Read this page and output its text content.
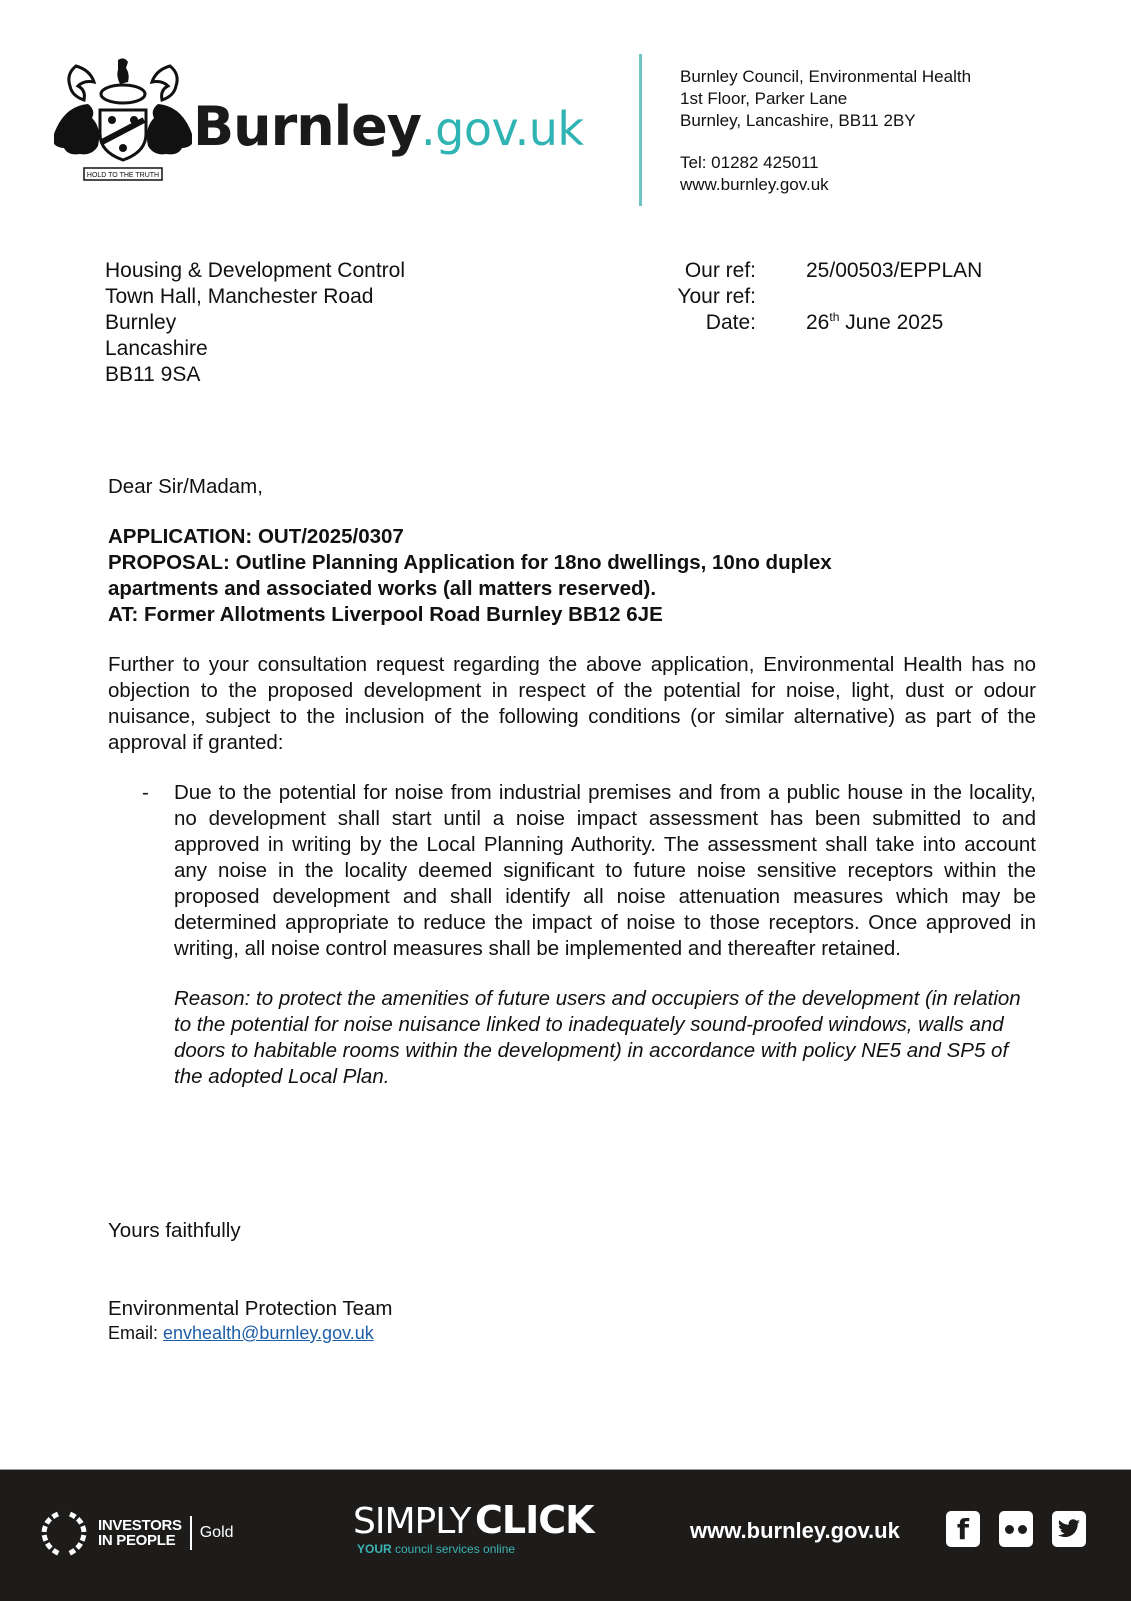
HOLD TO THE TRUTH
Burnley.gov.uk
Burnley Council, Environmental Health
1st Floor, Parker Lane
Burnley, Lancashire, BB11 2BY
Tel: 01282 425011
www.burnley.gov.uk
Housing & Development Control
Town Hall, Manchester Road
Burnley
Lancashire
BB11 9SA
Our ref: 25/00503/EPPLAN
Your ref:
Date: 26th June 2025

Dear Sir/Madam,

APPLICATION: OUT/2025/0307
PROPOSAL: Outline Planning Application for 18no dwellings, 10no duplex apartments and associated works (all matters reserved).
AT: Former Allotments Liverpool Road Burnley BB12 6JE

Further to your consultation request regarding the above application, Environmental Health has no objection to the proposed development in respect of the potential for noise, light, dust or odour nuisance, subject to the inclusion of the following conditions (or similar alternative) as part of the approval if granted:

-	Due to the potential for noise from industrial premises and from a public house in the locality, no development shall start until a noise impact assessment has been submitted to and approved in writing by the Local Planning Authority. The assessment shall take into account any noise in the locality deemed significant to future noise sensitive receptors within the proposed development and shall identify all noise attenuation measures which may be determined appropriate to reduce the impact of noise to those receptors. Once approved in writing, all noise control measures shall be implemented and thereafter retained.

Reason: to protect the amenities of future users and occupiers of the development (in relation to the potential for noise nuisance linked to inadequately sound-proofed windows, walls and doors to habitable rooms within the development) in accordance with policy NE5 and SP5 of the adopted Local Plan.

Yours faithfully
Environmental Protection Team
Email: envhealth@burnley.gov.uk
INVESTORS
IN PEOPLE	Gold	SIMPLY CLICK
YOUR council services online
www.burnley.gov.uk	f
